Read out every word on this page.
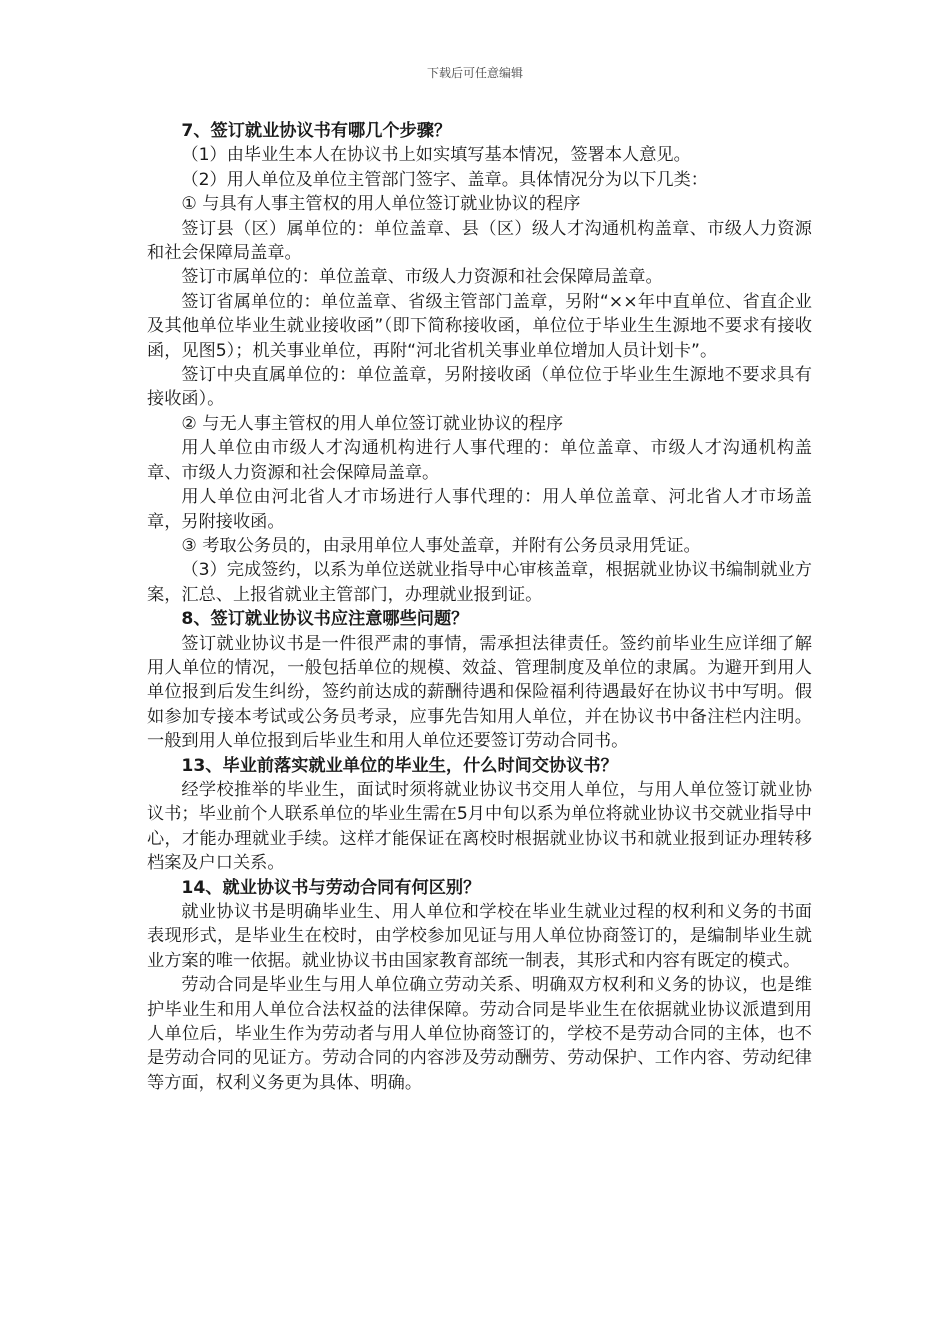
下载后可任意编辑

7、签订就业协议书有哪几个步骤？

（1）由毕业生本人在协议书上如实填写基本情况，签署本人意见。

（2）用人单位及单位主管部门签字、盖章。具体情况分为以下几类：

① 与具有人事主管权的用人单位签订就业协议的程序

签订县（区）属单位的：单位盖章、县（区）级人才沟通机构盖章、市级人力资源和社会保障局盖章。

签订市属单位的：单位盖章、市级人力资源和社会保障局盖章。

签订省属单位的：单位盖章、省级主管部门盖章，另附“××年中直单位、省直企业及其他单位毕业生就业接收函”（即下简称接收函，单位位于毕业生生源地不要求有接收函，见图5）；机关事业单位，再附“河北省机关事业单位增加人员计划卡”。

签订中央直属单位的：单位盖章，另附接收函（单位位于毕业生生源地不要求具有接收函）。

② 与无人事主管权的用人单位签订就业协议的程序

用人单位由市级人才沟通机构进行人事代理的：单位盖章、市级人才沟通机构盖章、市级人力资源和社会保障局盖章。

用人单位由河北省人才市场进行人事代理的：用人单位盖章、河北省人才市场盖章，另附接收函。

③ 考取公务员的，由录用单位人事处盖章，并附有公务员录用凭证。

（3）完成签约，以系为单位送就业指导中心审核盖章，根据就业协议书编制就业方案，汇总、上报省就业主管部门，办理就业报到证。

8、签订就业协议书应注意哪些问题？

签订就业协议书是一件很严肃的事情，需承担法律责任。签约前毕业生应详细了解用人单位的情况，一般包括单位的规模、效益、管理制度及单位的隶属。为避开到用人单位报到后发生纠纷，签约前达成的薪酬待遇和保险福利待遇最好在协议书中写明。假如参加专接本考试或公务员考录，应事先告知用人单位，并在协议书中备注栏内注明。一般到用人单位报到后毕业生和用人单位还要签订劳动合同书。

13、毕业前落实就业单位的毕业生，什么时间交协议书？

经学校推举的毕业生，面试时须将就业协议书交用人单位，与用人单位签订就业协议书；毕业前个人联系单位的毕业生需在5月中旬以系为单位将就业协议书交就业指导中心，才能办理就业手续。这样才能保证在离校时根据就业协议书和就业报到证办理转移档案及户口关系。

14、就业协议书与劳动合同有何区别？

就业协议书是明确毕业生、用人单位和学校在毕业生就业过程的权利和义务的书面表现形式，是毕业生在校时，由学校参加见证与用人单位协商签订的，是编制毕业生就业方案的唯一依据。就业协议书由国家教育部统一制表，其形式和内容有既定的模式。

劳动合同是毕业生与用人单位确立劳动关系、明确双方权利和义务的协议，也是维护毕业生和用人单位合法权益的法律保障。劳动合同是毕业生在依据就业协议派遣到用人单位后，毕业生作为劳动者与用人单位协商签订的，学校不是劳动合同的主体，也不是劳动合同的见证方。劳动合同的内容涉及劳动酬劳、劳动保护、工作内容、劳动纪律等方面，权利义务更为具体、明确。
